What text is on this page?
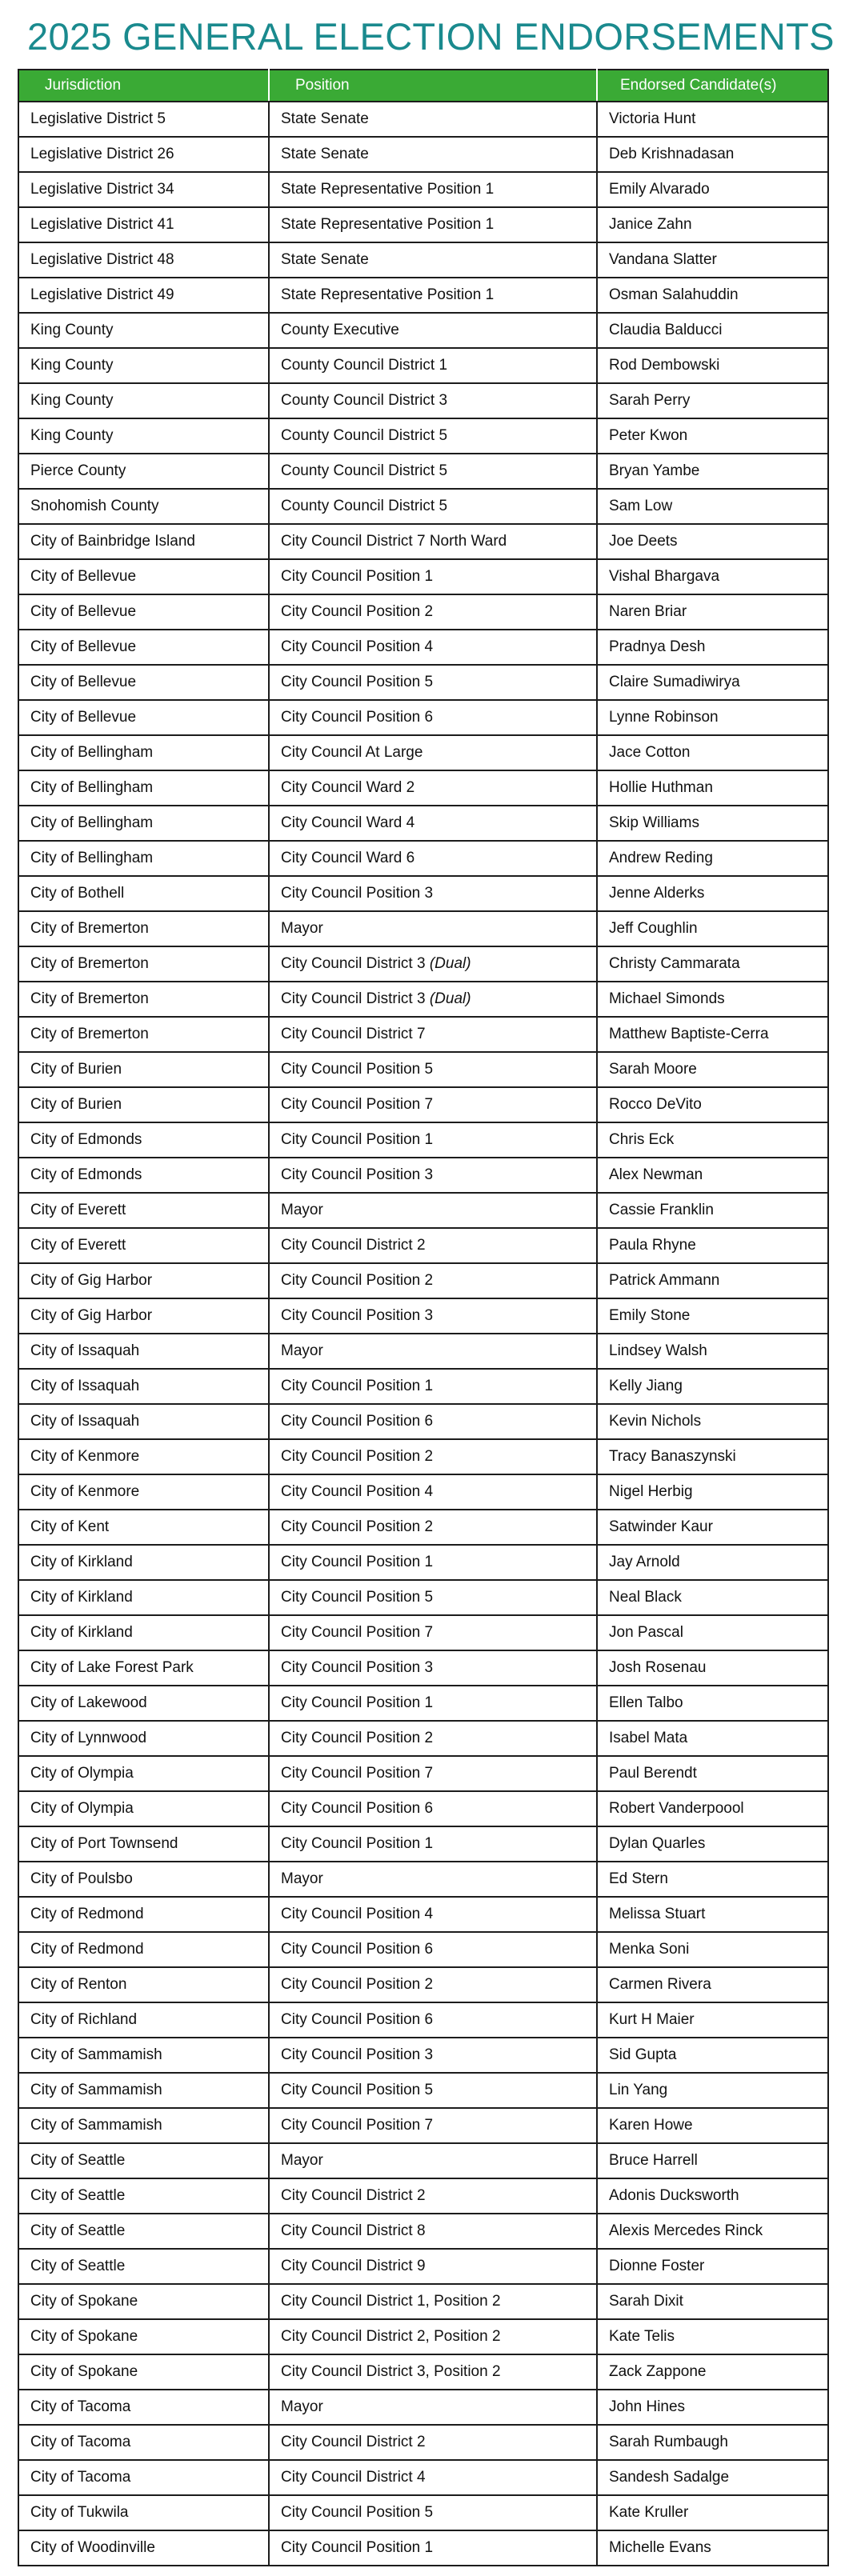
2025 GENERAL ELECTION ENDORSEMENTS
Jurisdiction	Position	Endorsed Candidate(s)
Legislative District 5	State Senate	Victoria Hunt
Legislative District 26	State Senate	Deb Krishnadasan
Legislative District 34	State Representative Position 1	Emily Alvarado
Legislative District 41	State Representative Position 1	Janice Zahn
Legislative District 48	State Senate	Vandana Slatter
Legislative District 49	State Representative Position 1	Osman Salahuddin
King County	County Executive	Claudia Balducci
King County	County Council District 1	Rod Dembowski
King County	County Council District 3	Sarah Perry
King County	County Council District 5	Peter Kwon
Pierce County	County Council District 5	Bryan Yambe
Snohomish County	County Council District 5	Sam Low
City of Bainbridge Island	City Council District 7 North Ward	Joe Deets
City of Bellevue	City Council Position 1	Vishal Bhargava
City of Bellevue	City Council Position 2	Naren Briar
City of Bellevue	City Council Position 4	Pradnya Desh
City of Bellevue	City Council Position 5	Claire Sumadiwirya
City of Bellevue	City Council Position 6	Lynne Robinson
City of Bellingham	City Council At Large	Jace Cotton
City of Bellingham	City Council Ward 2	Hollie Huthman
City of Bellingham	City Council Ward 4	Skip Williams
City of Bellingham	City Council Ward 6	Andrew Reding
City of Bothell	City Council Position 3	Jenne Alderks
City of Bremerton	Mayor	Jeff Coughlin
City of Bremerton	City Council District 3 (Dual)	Christy Cammarata
City of Bremerton	City Council District 3 (Dual)	Michael Simonds
City of Bremerton	City Council District 7	Matthew Baptiste-Cerra
City of Burien	City Council Position 5	Sarah Moore
City of Burien	City Council Position 7	Rocco DeVito
City of Edmonds	City Council Position 1	Chris Eck
City of Edmonds	City Council Position 3	Alex Newman
City of Everett	Mayor	Cassie Franklin
City of Everett	City Council District 2	Paula Rhyne
City of Gig Harbor	City Council Position 2	Patrick Ammann
City of Gig Harbor	City Council Position 3	Emily Stone
City of Issaquah	Mayor	Lindsey Walsh
City of Issaquah	City Council Position 1	Kelly Jiang
City of Issaquah	City Council Position 6	Kevin Nichols
City of Kenmore	City Council Position 2	Tracy Banaszynski
City of Kenmore	City Council Position 4	Nigel Herbig
City of Kent	City Council Position 2	Satwinder Kaur
City of Kirkland	City Council Position 1	Jay Arnold
City of Kirkland	City Council Position 5	Neal Black
City of Kirkland	City Council Position 7	Jon Pascal
City of Lake Forest Park	City Council Position 3	Josh Rosenau
City of Lakewood	City Council Position 1	Ellen Talbo
City of Lynnwood	City Council Position 2	Isabel Mata
City of Olympia	City Council Position 7	Paul Berendt
City of Olympia	City Council Position 6	Robert Vanderpoool
City of Port Townsend	City Council Position 1	Dylan Quarles
City of Poulsbo	Mayor	Ed Stern
City of Redmond	City Council Position 4	Melissa Stuart
City of Redmond	City Council Position 6	Menka Soni
City of Renton	City Council Position 2	Carmen Rivera
City of Richland	City Council Position 6	Kurt H Maier
City of Sammamish	City Council Position 3	Sid Gupta
City of Sammamish	City Council Position 5	Lin Yang
City of Sammamish	City Council Position 7	Karen Howe
City of Seattle	Mayor	Bruce Harrell
City of Seattle	City Council District 2	Adonis Ducksworth
City of Seattle	City Council District 8	Alexis Mercedes Rinck
City of Seattle	City Council District 9	Dionne Foster
City of Spokane	City Council District 1, Position 2	Sarah Dixit
City of Spokane	City Council District 2, Position 2	Kate Telis
City of Spokane	City Council District 3, Position 2	Zack Zappone
City of Tacoma	Mayor	John Hines
City of Tacoma	City Council District 2	Sarah Rumbaugh
City of Tacoma	City Council District 4	Sandesh Sadalge
City of Tukwila	City Council Position 5	Kate Kruller
City of Woodinville	City Council Position 1	Michelle Evans
